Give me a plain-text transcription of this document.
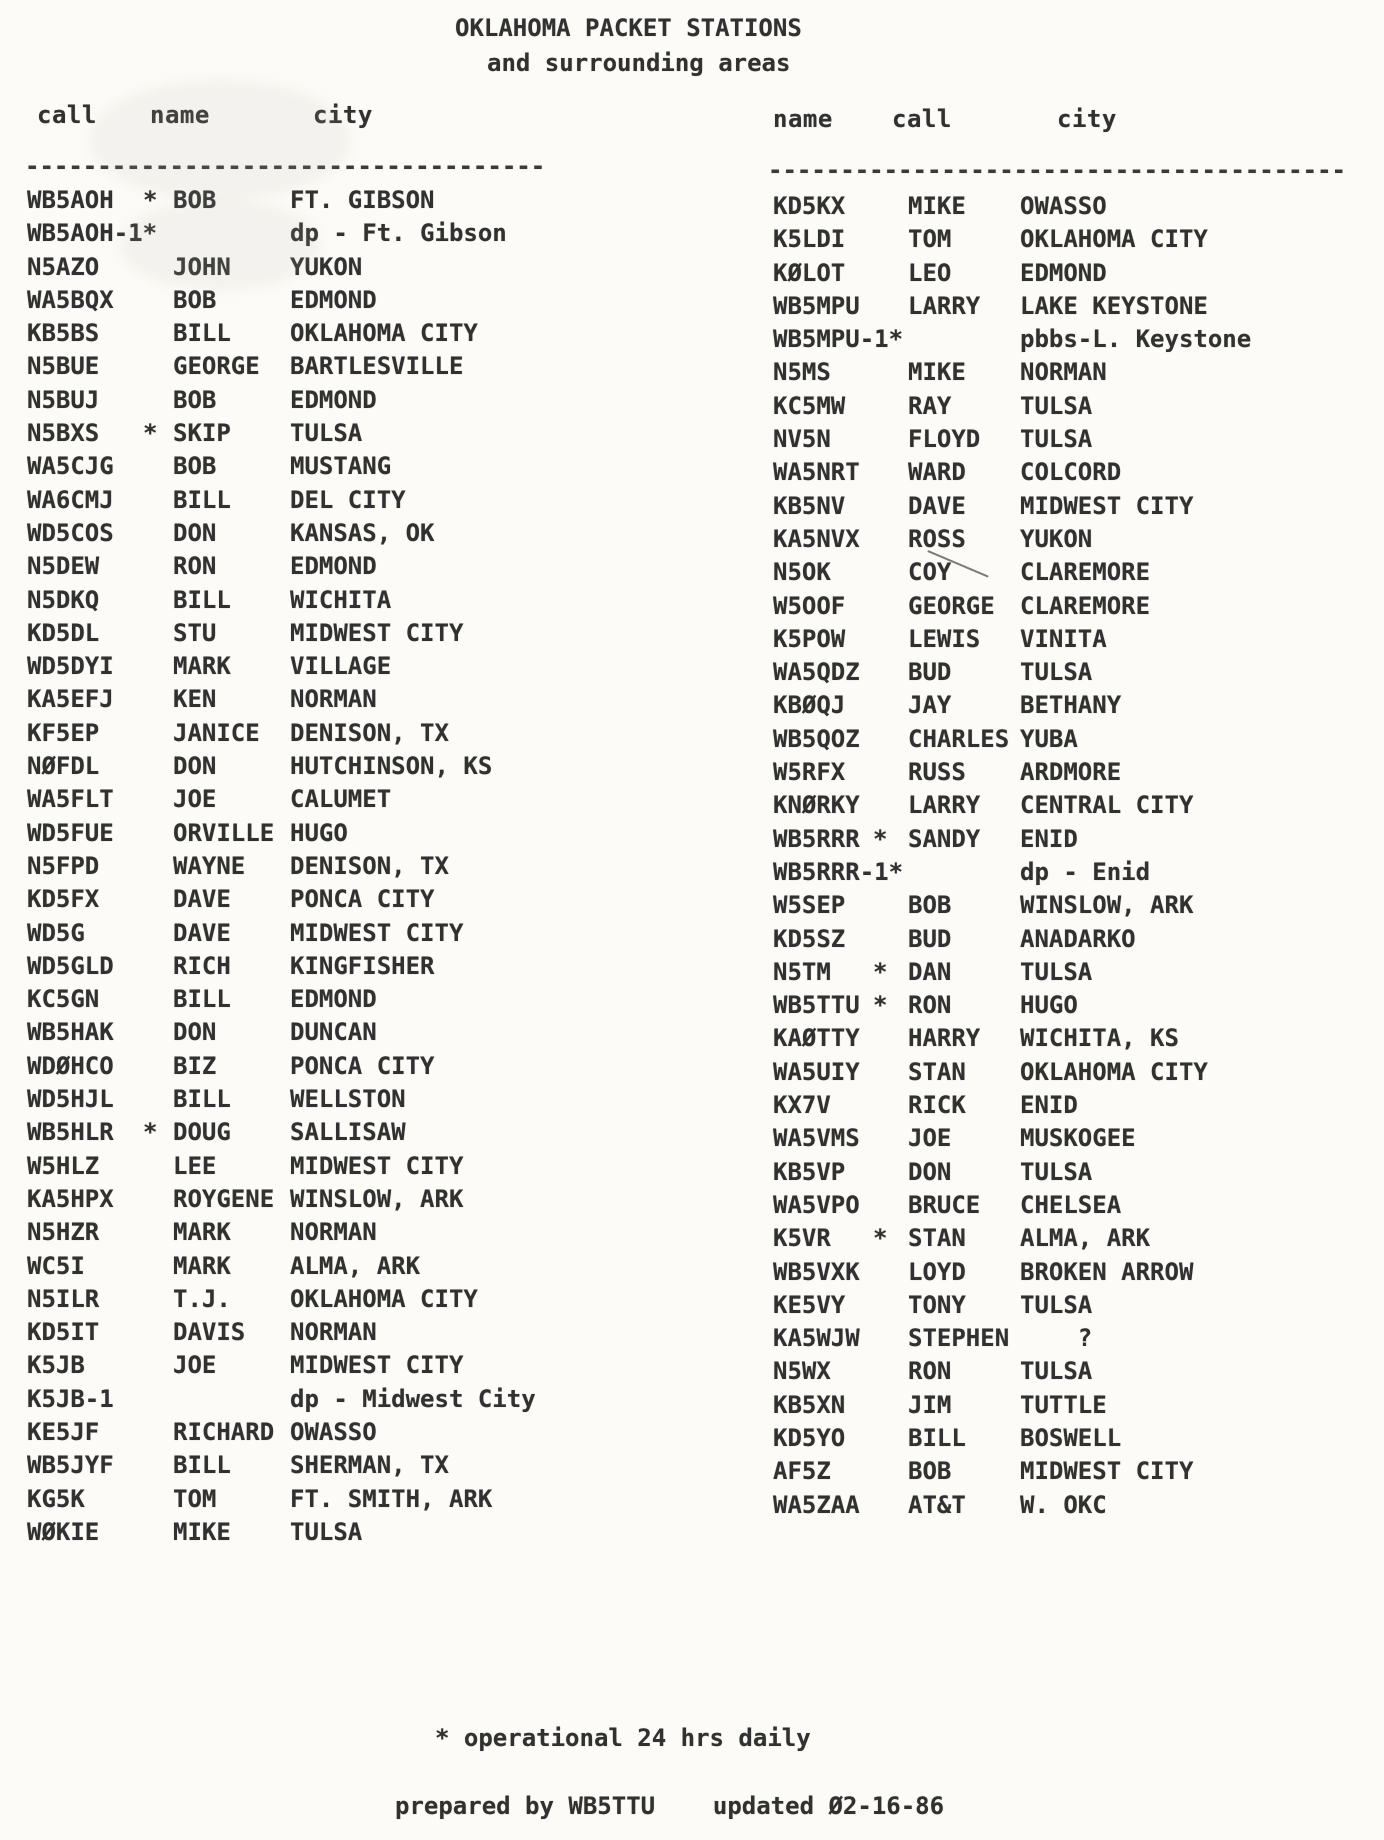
OKLAHOMA PACKET STATIONS
and surrounding areas
call name	city
------------------------------------
name call	city
----------------------------------------
WB5AOH * BOB	FT. GIBSON
WB5AOH-1*	dp - Ft. Gibson
N5AZO	JOHN YUKON
WA5BQX BOB	EDMOND
KB5BS	BILL OKLAHOMA CITY
N5BUE	GEORGE BARTLESVILLE
N5BUJ	BOB	EDMOND
N5BXS * SKIP TULSA
WA5CJG BOB	MUSTANG
WA6CMJ BILL DEL CITY
WD5COS DON	KANSAS, OK
N5DEW	RON	EDMOND
N5DKQ	BILL WICHITA
KD5DL	STU	MIDWEST CITY
WD5DYI MARK VILLAGE
KA5EFJ KEN	NORMAN
KF5EP	JANICE DENISON, TX
NØFDL	DON	HUTCHINSON, KS
WA5FLT JOE	CALUMET
WD5FUE ORVILLE HUGO
N5FPD	WAYNE DENISON, TX
KD5FX	DAVE PONCA CITY
WD5G	DAVE MIDWEST CITY
WD5GLD RICH KINGFISHER
KC5GN	BILL EDMOND
WB5HAK DON	DUNCAN
WDØHCO BIZ	PONCA CITY
WD5HJL BILL WELLSTON
WB5HLR * DOUG SALLISAW
W5HLZ	LEE	MIDWEST CITY
KA5HPX ROYGENE WINSLOW, ARK
N5HZR	MARK NORMAN
WC5I	MARK ALMA, ARK
N5ILR	T.J. OKLAHOMA CITY
KD5IT	DAVIS NORMAN
K5JB	JOE	MIDWEST CITY
K5JB-1	dp - Midwest City
KE5JF	RICHARD OWASSO
WB5JYF BILL SHERMAN, TX
KG5K	TOM	FT. SMITH, ARK
WØKIE	MIKE TULSA
KD5KX	MIKE OWASSO
K5LDI	TOM	OKLAHOMA CITY
KØLOT	LEO	EDMOND
WB5MPU LARRY LAKE KEYSTONE
WB5MPU-1*	pbbs-L. Keystone
N5MS	MIKE NORMAN
KC5MW	RAY	TULSA
NV5N	FLOYD TULSA
WA5NRT WARD COLCORD
KB5NV	DAVE MIDWEST CITY
KA5NVX ROSS YUKON
N5OK	COY	CLAREMORE
W5OOF	GEORGE CLAREMORE
K5POW	LEWIS VINITA
WA5QDZ BUD	TULSA
KBØQJ	JAY	BETHANY
WB5QOZ CHARLES YUBA
W5RFX	RUSS ARDMORE
KNØRKY LARRY CENTRAL CITY
WB5RRR * SANDY ENID
WB5RRR-1*	dp - Enid
W5SEP	BOB	WINSLOW, ARK
KD5SZ	BUD	ANADARKO
N5TM * DAN	TULSA
WB5TTU * RON	HUGO
KAØTTY HARRY WICHITA, KS
WA5UIY STAN OKLAHOMA CITY
KX7V	RICK ENID
WA5VMS JOE	MUSKOGEE
KB5VP	DON	TULSA
WA5VPO BRUCE CHELSEA
K5VR * STAN ALMA, ARK
WB5VXK LOYD BROKEN ARROW
KE5VY	TONY TULSA
KA5WJW STEPHEN ?
N5WX	RON	TULSA
KB5XN	JIM	TUTTLE
KD5YO	BILL BOSWELL
AF5Z	BOB	MIDWEST CITY
WA5ZAA AT&T W. OKC
* operational 24 hrs daily
prepared by WB5TTU    updated Ø2-16-86
